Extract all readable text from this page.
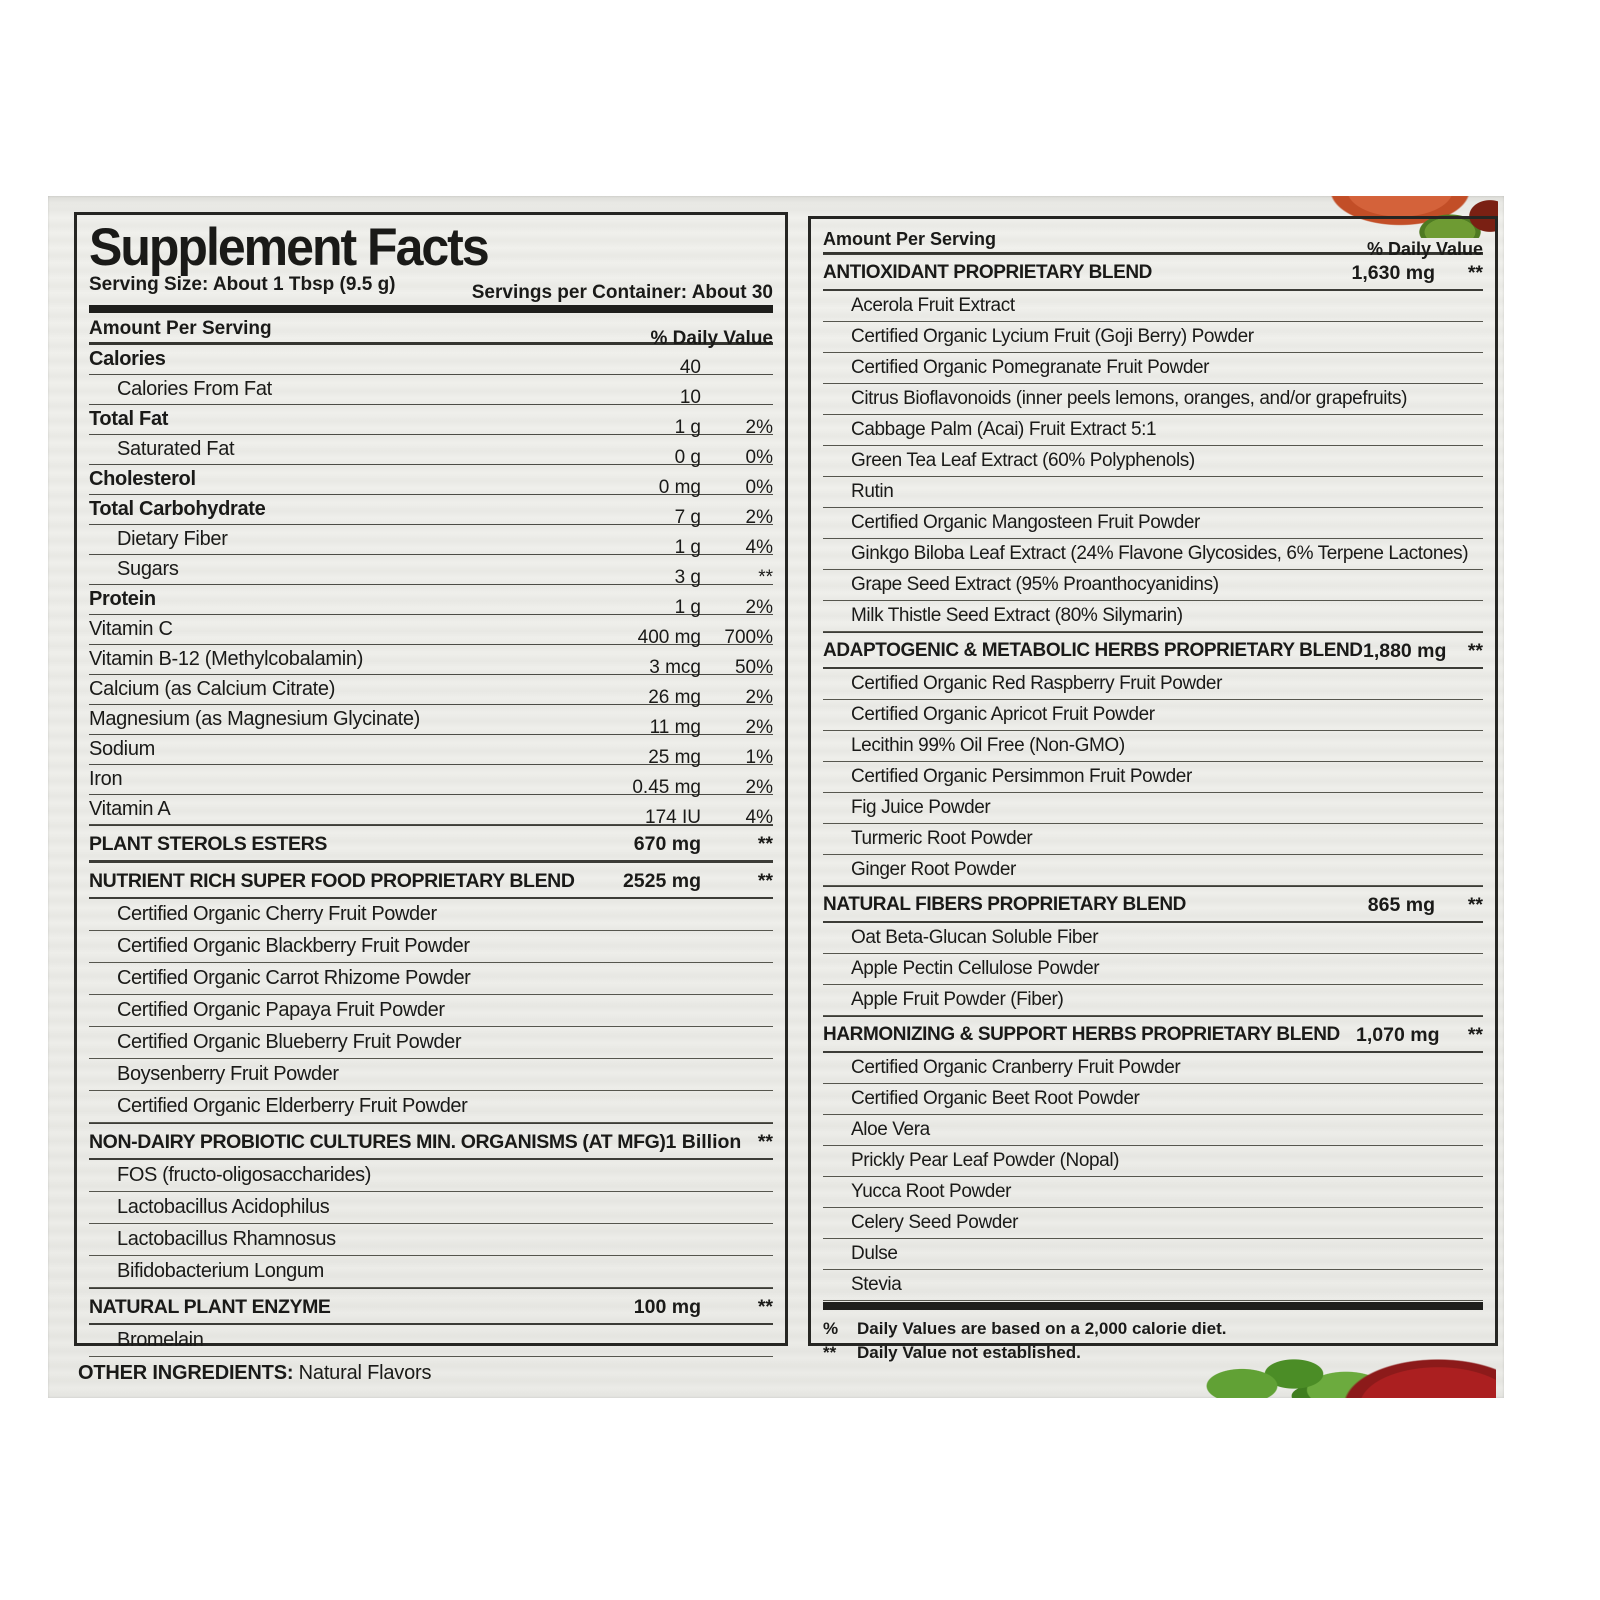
Supplement Facts
Serving Size: About 1 Tbsp (9.5 g)	Servings per Container: About 30
Amount Per Serving	% Daily Value
Calories	40
Calories From Fat	10
Total Fat	1 g	2%
Saturated Fat	0 g	0%
Cholesterol	0 mg	0%
Total Carbohydrate	7 g	2%
Dietary Fiber	1 g	4%
Sugars	3 g	**
Protein	1 g	2%
Vitamin C	400 mg	700%
Vitamin B-12 (Methylcobalamin)	3 mcg	50%
Calcium (as Calcium Citrate)	26 mg	2%
Magnesium (as Magnesium Glycinate)	11 mg	2%
Sodium	25 mg	1%
Iron	0.45 mg	2%
Vitamin A	174 IU	4%
PLANT STEROLS ESTERS	670 mg	**
NUTRIENT RICH SUPER FOOD PROPRIETARY BLEND	2525 mg	**
Certified Organic Cherry Fruit Powder
Certified Organic Blackberry Fruit Powder
Certified Organic Carrot Rhizome Powder
Certified Organic Papaya Fruit Powder
Certified Organic Blueberry Fruit Powder
Boysenberry Fruit Powder
Certified Organic Elderberry Fruit Powder
NON-DAIRY PROBIOTIC CULTURES MIN. ORGANISMS (AT MFG) 1 Billion **
FOS (fructo-oligosaccharides)
Lactobacillus Acidophilus
Lactobacillus Rhamnosus
Bifidobacterium Longum
NATURAL PLANT ENZYME	100 mg	**
Bromelain
Amount Per Serving	% Daily Value
ANTIOXIDANT PROPRIETARY BLEND	1,630 mg	**
Acerola Fruit Extract
Certified Organic Lycium Fruit (Goji Berry) Powder
Certified Organic Pomegranate Fruit Powder
Citrus Bioflavonoids (inner peels lemons, oranges, and/or grapefruits)
Cabbage Palm (Acai) Fruit Extract 5:1
Green Tea Leaf Extract (60% Polyphenols)
Rutin
Certified Organic Mangosteen Fruit Powder
Ginkgo Biloba Leaf Extract (24% Flavone Glycosides, 6% Terpene Lactones)
Grape Seed Extract (95% Proanthocyanidins)
Milk Thistle Seed Extract (80% Silymarin)
ADAPTOGENIC & METABOLIC HERBS PROPRIETARY BLEND 1,880 mg	**
Certified Organic Red Raspberry Fruit Powder
Certified Organic Apricot Fruit Powder
Lecithin 99% Oil Free (Non-GMO)
Certified Organic Persimmon Fruit Powder
Fig Juice Powder
Turmeric Root Powder
Ginger Root Powder
NATURAL FIBERS PROPRIETARY BLEND	865 mg	**
Oat Beta-Glucan Soluble Fiber
Apple Pectin Cellulose Powder
Apple Fruit Powder (Fiber)
HARMONIZING & SUPPORT HERBS PROPRIETARY BLEND 1,070 mg	**
Certified Organic Cranberry Fruit Powder
Certified Organic Beet Root Powder
Aloe Vera
Prickly Pear Leaf Powder (Nopal)
Yucca Root Powder
Celery Seed Powder
Dulse
Stevia
%	Daily Values are based on a 2,000 calorie diet.
**	Daily Value not established.
OTHER INGREDIENTS: Natural Flavors
